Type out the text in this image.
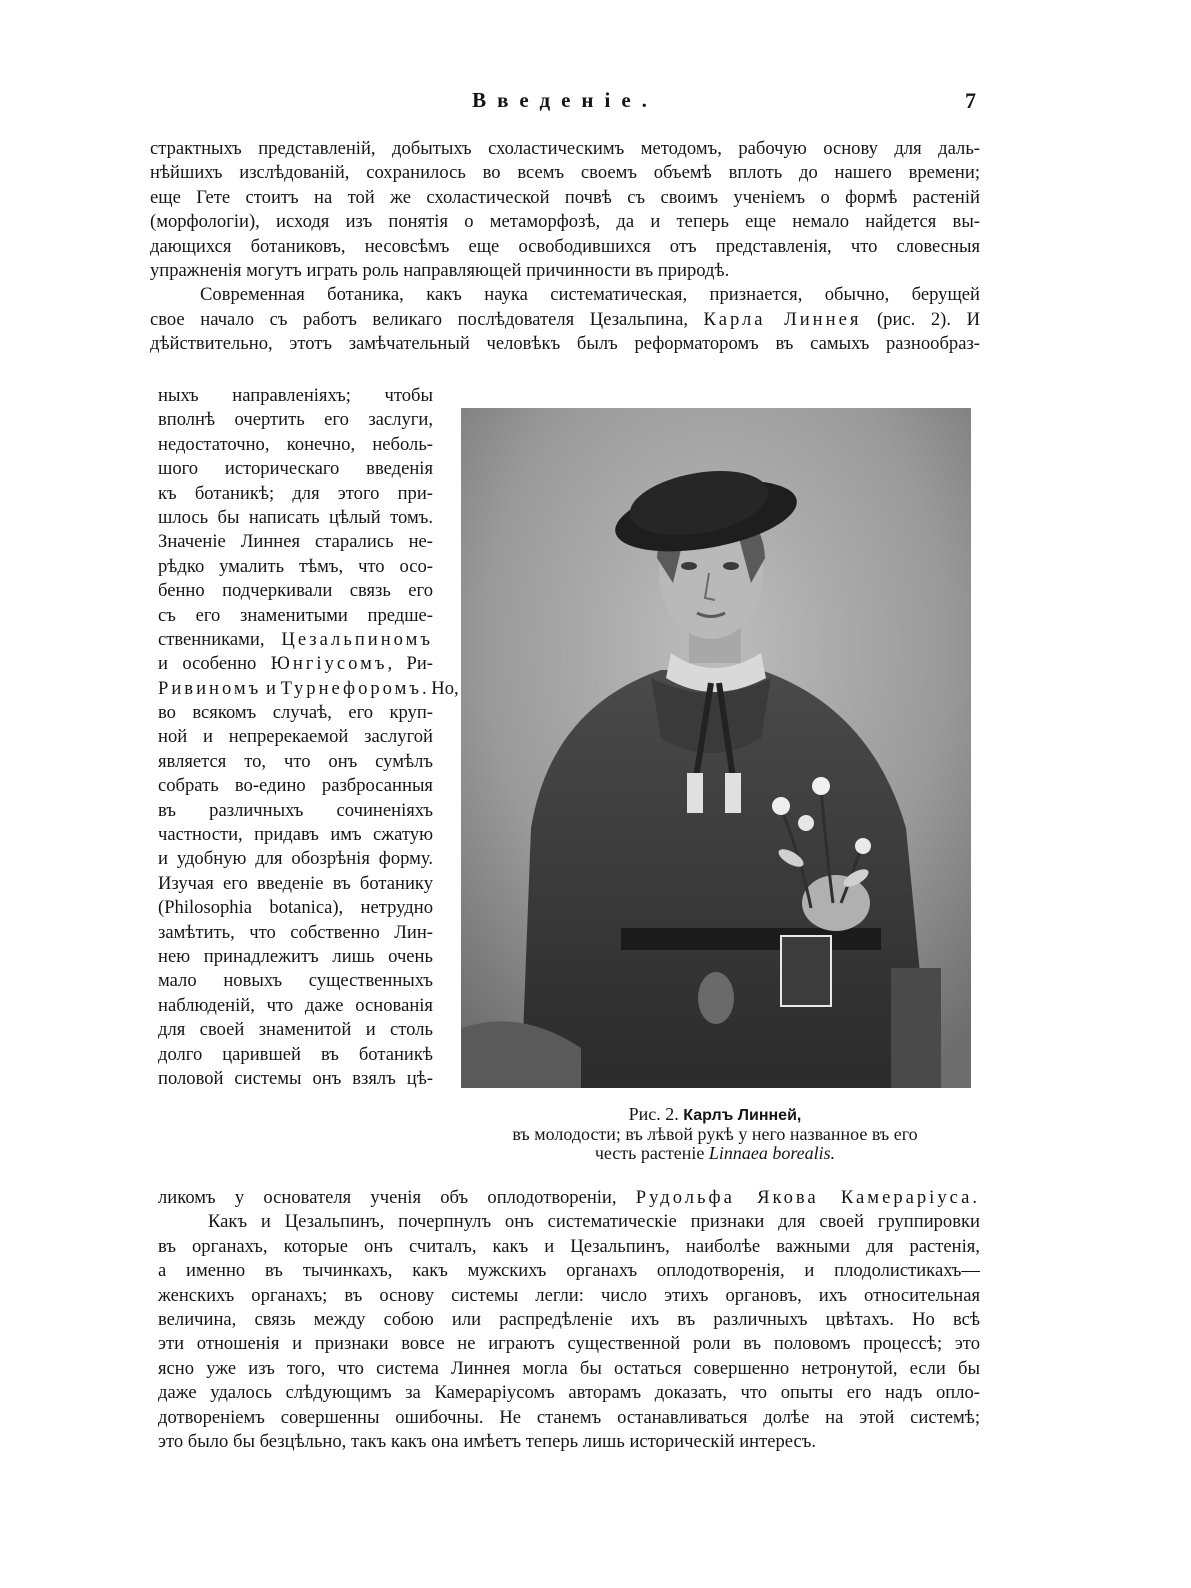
Введеніе.	7
страктныхъ представленій, добытыхъ схоластическимъ методомъ, рабочую основу для даль-
нѣйшихъ изслѣдованій, сохранилось во всемъ своемъ объемѣ вплоть до нашего времени;
еще Гете стоитъ на той же схоластической почвѣ съ своимъ ученіемъ о формѣ растеній
(морфологіи), исходя изъ понятія о метаморфозѣ, да и теперь еще немало найдется вы-
дающихся ботаниковъ, несовсѣмъ еще освободившихся отъ представленія, что словесныя
упражненія могутъ играть роль направляющей причинности въ природѣ.
Современная ботаника, какъ наука систематическая, признается, обычно, берущей
свое начало съ работъ великаго послѣдователя Цезальпина, Карла Линнея (рис. 2). И
дѣйствительно, этотъ замѣчательный человѣкъ былъ реформаторомъ въ самыхъ разнообраз-
ныхъ направленіяхъ; чтобы
вполнѣ очертить его заслуги,
недостаточно, конечно, неболь-
шого историческаго введенія
къ ботаникѣ; для этого при-
шлось бы написать цѣлый томъ.
Значеніе Линнея старались не-
рѣдко умалить тѣмъ, что осо-
бенно подчеркивали связь его
съ его знаменитыми предше-
ственниками, Цезальпиномъ
и особенно Юнгіусомъ, Ри-
Ривиномъ и Турнефоромъ. Но,
во всякомъ случаѣ, его круп-
ной и непререкаемой заслугой
является то, что онъ сумѣлъ
собрать во-едино разбросанныя
въ различныхъ сочиненіяхъ
частности, придавъ имъ сжатую
и удобную для обозрѣнія форму.
Изучая его введеніе въ ботанику
(Philosophia botanica), нетрудно
замѣтить, что собственно Лин-
нею принадлежитъ лишь очень
мало новыхъ существенныхъ
наблюденій, что даже основанія
для своей знаменитой и столь
долго царившей въ ботаникѣ
половой системы онъ взялъ цѣ-
Рис. 2. Карлъ Линней,
въ молодости; въ лѣвой рукѣ у него названное въ его
честь растеніе Linnaea borealis.
ликомъ у основателя ученія объ оплодотвореніи, Рудольфа Якова Камераріуса.
Какъ и Цезальпинъ, почерпнулъ онъ систематическіе признаки для своей группировки
въ органахъ, которые онъ считалъ, какъ и Цезальпинъ, наиболѣе важными для растенія,
а именно въ тычинкахъ, какъ мужскихъ органахъ оплодотворенія, и плодолистикахъ—
женскихъ органахъ; въ основу системы легли: число этихъ органовъ, ихъ относительная
величина, связь между собою или распредѣленіе ихъ въ различныхъ цвѣтахъ. Но всѣ
эти отношенія и признаки вовсе не играютъ существенной роли въ половомъ процессѣ; это
ясно уже изъ того, что система Линнея могла бы остаться совершенно нетронутой, если бы
даже удалось слѣдующимъ за Камераріусомъ авторамъ доказать, что опыты его надъ опло-
дотвореніемъ совершенны ошибочны. Не станемъ останавливаться долѣе на этой системѣ;
это было бы безцѣльно, такъ какъ она имѣетъ теперь лишь историческій интересъ.
